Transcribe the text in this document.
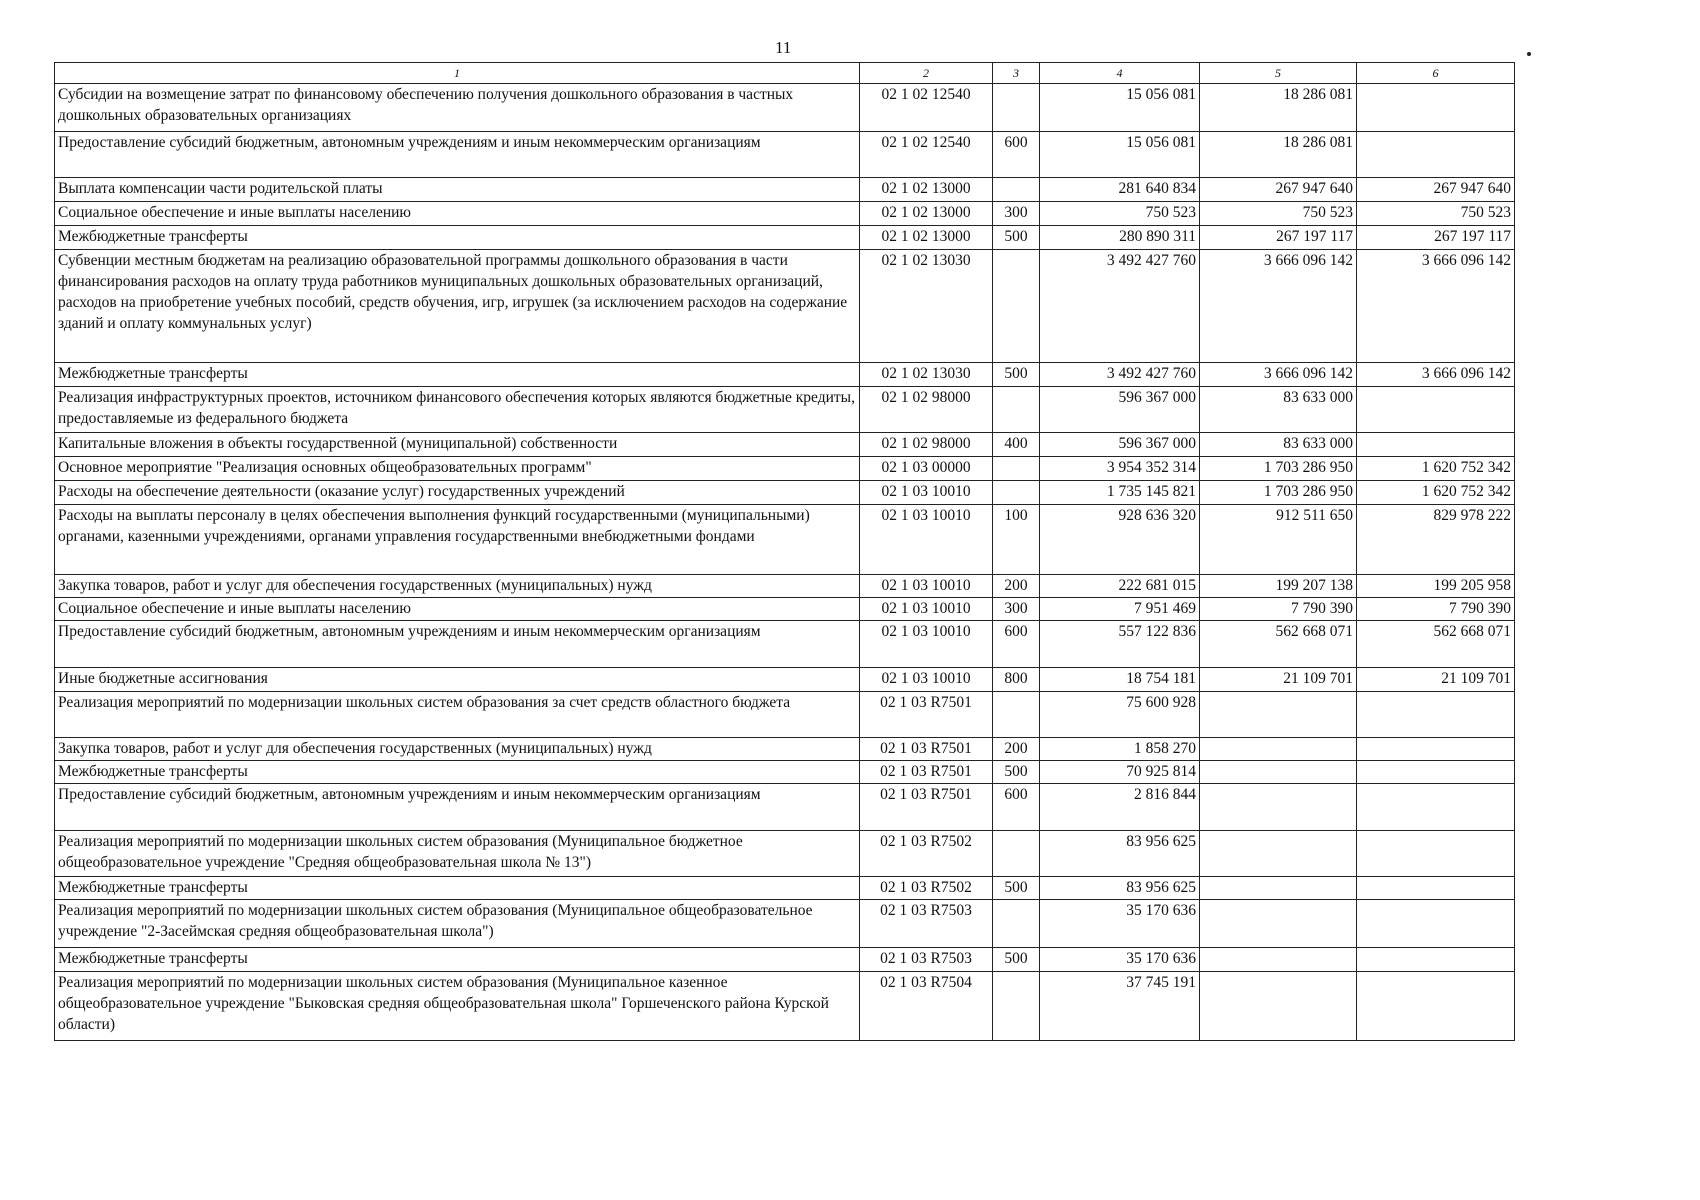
11
1	2	3	4	5	6
Субсидии на возмещение затрат по финансовому обеспечению получения дошкольного образования в частных дошкольных образовательных организациях	02 1 02 12540		15 056 081	18 286 081	
Предоставление субсидий бюджетным, автономным учреждениям и иным некоммерческим организациям	02 1 02 12540	600	15 056 081	18 286 081	
Выплата компенсации части родительской платы	02 1 02 13000		281 640 834	267 947 640	267 947 640
Социальное обеспечение и иные выплаты населению	02 1 02 13000	300	750 523	750 523	750 523
Межбюджетные трансферты	02 1 02 13000	500	280 890 311	267 197 117	267 197 117
Субвенции местным бюджетам на реализацию образовательной программы дошкольного образования в части финансирования расходов на оплату труда работников муниципальных дошкольных образовательных организаций, расходов на приобретение учебных пособий, средств обучения, игр, игрушек (за исключением расходов на содержание зданий и оплату коммунальных услуг)	02 1 02 13030		3 492 427 760	3 666 096 142	3 666 096 142
Межбюджетные трансферты	02 1 02 13030	500	3 492 427 760	3 666 096 142	3 666 096 142
Реализация инфраструктурных проектов, источником финансового обеспечения которых являются бюджетные кредиты, предоставляемые из федерального бюджета	02 1 02 98000		596 367 000	83 633 000	
Капитальные вложения в объекты государственной (муниципальной) собственности	02 1 02 98000	400	596 367 000	83 633 000	
Основное мероприятие "Реализация основных общеобразовательных программ"	02 1 03 00000		3 954 352 314	1 703 286 950	1 620 752 342
Расходы на обеспечение деятельности (оказание услуг) государственных учреждений	02 1 03 10010		1 735 145 821	1 703 286 950	1 620 752 342
Расходы на выплаты персоналу в целях обеспечения выполнения функций государственными (муниципальными) органами, казенными учреждениями, органами управления государственными внебюджетными фондами	02 1 03 10010	100	928 636 320	912 511 650	829 978 222
Закупка товаров, работ и услуг для обеспечения государственных (муниципальных) нужд	02 1 03 10010	200	222 681 015	199 207 138	199 205 958
Социальное обеспечение и иные выплаты населению	02 1 03 10010	300	7 951 469	7 790 390	7 790 390
Предоставление субсидий бюджетным, автономным учреждениям и иным некоммерческим организациям	02 1 03 10010	600	557 122 836	562 668 071	562 668 071
Иные бюджетные ассигнования	02 1 03 10010	800	18 754 181	21 109 701	21 109 701
Реализация мероприятий по модернизации школьных систем образования за счет средств областного бюджета	02 1 03 R7501		75 600 928		
Закупка товаров, работ и услуг для обеспечения государственных (муниципальных) нужд	02 1 03 R7501	200	1 858 270		
Межбюджетные трансферты	02 1 03 R7501	500	70 925 814		
Предоставление субсидий бюджетным, автономным учреждениям и иным некоммерческим организациям	02 1 03 R7501	600	2 816 844		
Реализация мероприятий по модернизации школьных систем образования (Муниципальное бюджетное общеобразовательное учреждение "Средняя общеобразовательная школа № 13")	02 1 03 R7502		83 956 625		
Межбюджетные трансферты	02 1 03 R7502	500	83 956 625		
Реализация мероприятий по модернизации школьных систем образования (Муниципальное общеобразовательное учреждение "2-Засеймская средняя общеобразовательная школа")	02 1 03 R7503		35 170 636		
Межбюджетные трансферты	02 1 03 R7503	500	35 170 636		
Реализация мероприятий по модернизации школьных систем образования (Муниципальное казенное общеобразовательное учреждение "Быковская средняя общеобразовательная школа" Горшеченского района Курской области)	02 1 03 R7504		37 745 191		
